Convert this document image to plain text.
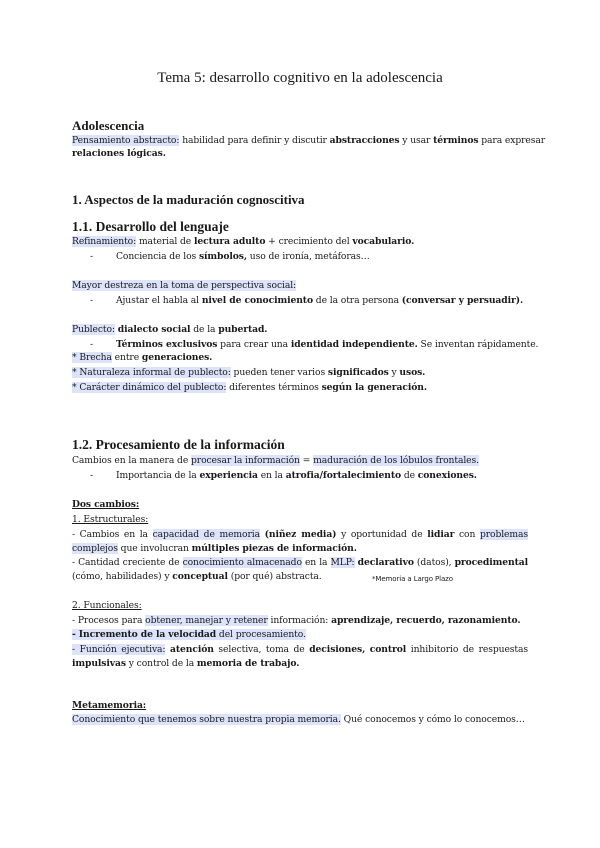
Tema 5: desarrollo cognitivo en la adolescencia
Adolescencia
Pensamiento abstracto: habilidad para definir y discutir abstracciones y usar términos para expresar
relaciones lógicas.
1. Aspectos de la maduración cognoscitiva
1.1. Desarrollo del lenguaje
Refinamiento: material de lectura adulto + crecimiento del vocabulario.
- Conciencia de los símbolos, uso de ironía, metáforas…
Mayor destreza en la toma de perspectiva social:
- Ajustar el habla al nivel de conocimiento de la otra persona (conversar y persuadir).
Publecto: dialecto social de la pubertad.
- Términos exclusivos para crear una identidad independiente. Se inventan rápidamente.
* Brecha entre generaciones.
* Naturaleza informal de publecto: pueden tener varios significados y usos.
* Carácter dinámico del publecto: diferentes términos según la generación.
1.2. Procesamiento de la información
Cambios en la manera de procesar la información = maduración de los lóbulos frontales.
- Importancia de la experiencia en la atrofia/fortalecimiento de conexiones.
Dos cambios:
1. Estructurales:
- Cambios en la capacidad de memoria (niñez media) y oportunidad de lidiar con problemas
complejos que involucran múltiples piezas de información.
- Cantidad creciente de conocimiento almacenado en la MLP: declarativo (datos), procedimental
(cómo, habilidades) y conceptual (por qué) abstracta.	*Memoria a Largo Plazo
2. Funcionales:
- Procesos para obtener, manejar y retener información: aprendizaje, recuerdo, razonamiento.
- Incremento de la velocidad del procesamiento.
- Función ejecutiva: atención selectiva, toma de decisiones, control inhibitorio de respuestas
impulsivas y control de la memoria de trabajo.
Metamemoria:
Conocimiento que tenemos sobre nuestra propia memoria. Qué conocemos y cómo lo conocemos…
